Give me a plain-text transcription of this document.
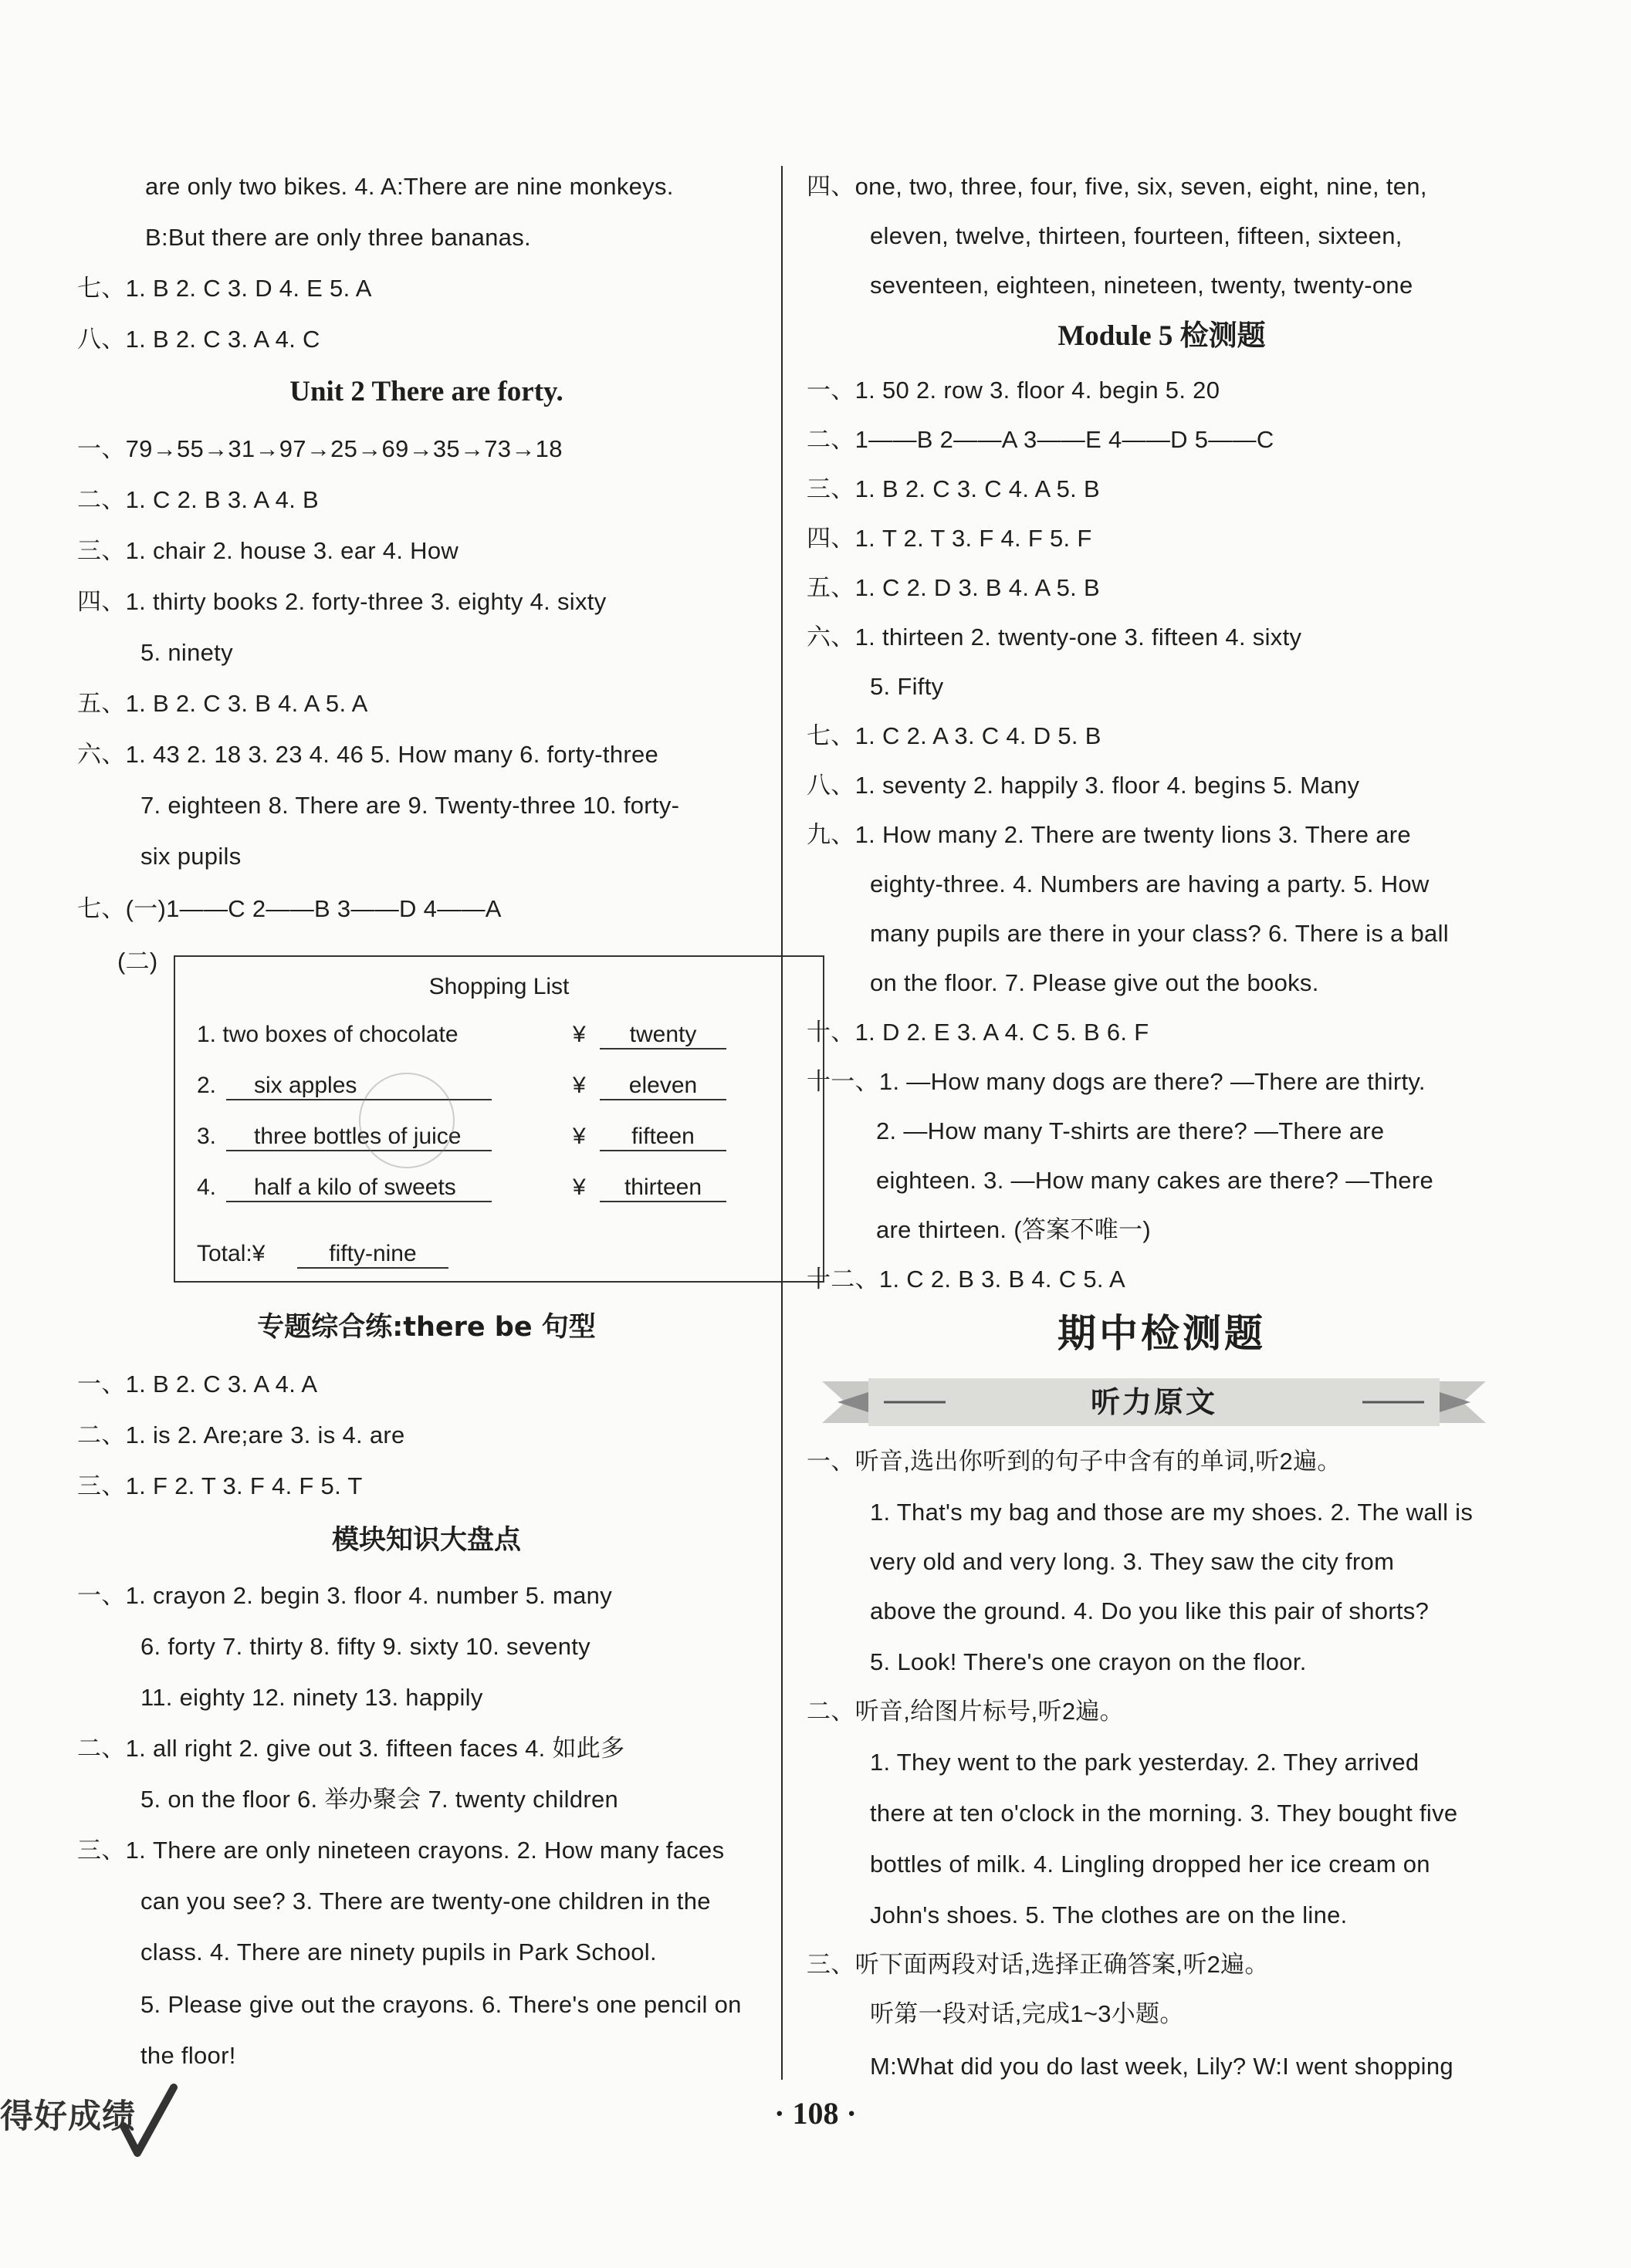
are only two bikes. 4. A:There are nine monkeys.
B:But there are only three bananas.
七、1. B 2. C 3. D 4. E 5. A
八、1. B 2. C 3. A 4. C
Unit 2 There are forty.
一、79→55→31→97→25→69→35→73→18
二、1. C 2. B 3. A 4. B
三、1. chair 2. house 3. ear 4. How
四、1. thirty books 2. forty-three 3. eighty 4. sixty
5. ninety
五、1. B 2. C 3. B 4. A 5. A
六、1. 43 2. 18 3. 23 4. 46 5. How many 6. forty-three
7. eighteen 8. There are 9. Twenty-three 10. forty-
six pupils
七、(一)1——C 2——B 3——D 4——A
(二)
Shopping List
1. two boxes of chocolate	¥	twenty
2.	six apples	¥	eleven
3.	three bottles of juice	¥	fifteen
4.	half a kilo of sweets	¥	thirteen
Total:¥	fifty-nine
专题综合练:there be 句型
一、1. B 2. C 3. A 4. A
二、1. is 2. Are;are 3. is 4. are
三、1. F 2. T 3. F 4. F 5. T
模块知识大盘点
一、1. crayon 2. begin 3. floor 4. number 5. many
6. forty 7. thirty 8. fifty 9. sixty 10. seventy
11. eighty 12. ninety 13. happily
二、1. all right 2. give out 3. fifteen faces 4. 如此多
5. on the floor 6. 举办聚会 7. twenty children
三、1. There are only nineteen crayons. 2. How many faces
can you see? 3. There are twenty-one children in the
class. 4. There are ninety pupils in Park School.
5. Please give out the crayons. 6. There's one pencil on
the floor!
四、one, two, three, four, five, six, seven, eight, nine, ten,
eleven, twelve, thirteen, fourteen, fifteen, sixteen,
seventeen, eighteen, nineteen, twenty, twenty-one
Module 5 检测题
一、1. 50 2. row 3. floor 4. begin 5. 20
二、1——B 2——A 3——E 4——D 5——C
三、1. B 2. C 3. C 4. A 5. B
四、1. T 2. T 3. F 4. F 5. F
五、1. C 2. D 3. B 4. A 5. B
六、1. thirteen 2. twenty-one 3. fifteen 4. sixty
5. Fifty
七、1. C 2. A 3. C 4. D 5. B
八、1. seventy 2. happily 3. floor 4. begins 5. Many
九、1. How many 2. There are twenty lions 3. There are
eighty-three. 4. Numbers are having a party. 5. How
many pupils are there in your class? 6. There is a ball
on the floor. 7. Please give out the books.
十、1. D 2. E 3. A 4. C 5. B 6. F
十一、1. —How many dogs are there? —There are thirty.
2. —How many T-shirts are there? —There are
eighteen. 3. —How many cakes are there? —There
are thirteen. (答案不唯一)
十二、1. C 2. B 3. B 4. C 5. A
期中检测题
听力原文
一、听音,选出你听到的句子中含有的单词,听2遍。
1. That's my bag and those are my shoes. 2. The wall is
very old and very long. 3. They saw the city from
above the ground. 4. Do you like this pair of shorts?
5. Look! There's one crayon on the floor.
二、听音,给图片标号,听2遍。
1. They went to the park yesterday. 2. They arrived
there at ten o'clock in the morning. 3. They bought five
bottles of milk. 4. Lingling dropped her ice cream on
John's shoes. 5. The clothes are on the line.
三、听下面两段对话,选择正确答案,听2遍。
听第一段对话,完成1~3小题。
M:What did you do last week, Lily? W:I went shopping
得好成绩	· 108 ·
